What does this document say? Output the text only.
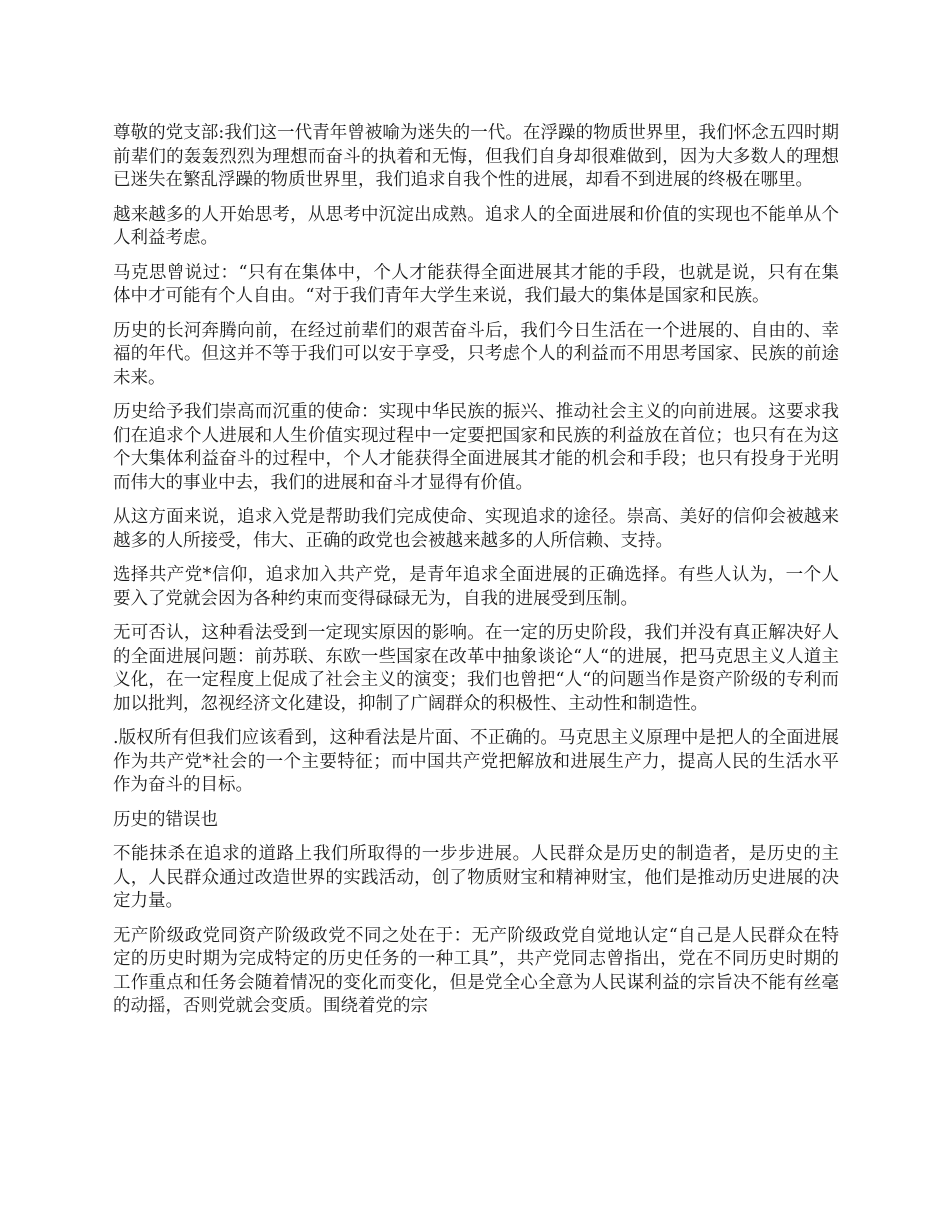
尊敬的党支部:我们这一代青年曾被喻为迷失的一代。在浮躁的物质世界里，我们怀念五四时期前辈们的轰轰烈烈为理想而奋斗的执着和无悔，但我们自身却很难做到，因为大多数人的理想已迷失在繁乱浮躁的物质世界里，我们追求自我个性的进展，却看不到进展的终极在哪里。

越来越多的人开始思考，从思考中沉淀出成熟。追求人的全面进展和价值的实现也不能单从个人利益考虑。

马克思曾说过：“只有在集体中，个人才能获得全面进展其才能的手段，也就是说，只有在集体中才可能有个人自由。“对于我们青年大学生来说，我们最大的集体是国家和民族。

历史的长河奔腾向前，在经过前辈们的艰苦奋斗后，我们今日生活在一个进展的、自由的、幸福的年代。但这并不等于我们可以安于享受，只考虑个人的利益而不用思考国家、民族的前途未来。

历史给予我们崇高而沉重的使命：实现中华民族的振兴、推动社会主义的向前进展。这要求我们在追求个人进展和人生价值实现过程中一定要把国家和民族的利益放在首位；也只有在为这个大集体利益奋斗的过程中，个人才能获得全面进展其才能的机会和手段；也只有投身于光明而伟大的事业中去，我们的进展和奋斗才显得有价值。

从这方面来说，追求入党是帮助我们完成使命、实现追求的途径。崇高、美好的信仰会被越来越多的人所接受，伟大、正确的政党也会被越来越多的人所信赖、支持。

选择共产党*信仰，追求加入共产党，是青年追求全面进展的正确选择。有些人认为，一个人要入了党就会因为各种约束而变得碌碌无为，自我的进展受到压制。

无可否认，这种看法受到一定现实原因的影响。在一定的历史阶段，我们并没有真正解决好人的全面进展问题：前苏联、东欧一些国家在改革中抽象谈论“人“的进展，把马克思主义人道主义化，在一定程度上促成了社会主义的演变；我们也曾把“人“的问题当作是资产阶级的专利而加以批判，忽视经济文化建设，抑制了广阔群众的积极性、主动性和制造性。

.版权所有但我们应该看到，这种看法是片面、不正确的。马克思主义原理中是把人的全面进展作为共产党*社会的一个主要特征；而中国共产党把解放和进展生产力，提高人民的生活水平作为奋斗的目标。

历史的错误也

不能抹杀在追求的道路上我们所取得的一步步进展。人民群众是历史的制造者，是历史的主人，人民群众通过改造世界的实践活动，创了物质财宝和精神财宝，他们是推动历史进展的决定力量。

无产阶级政党同资产阶级政党不同之处在于：无产阶级政党自觉地认定“自己是人民群众在特定的历史时期为完成特定的历史任务的一种工具”，共产党同志曾指出，党在不同历史时期的工作重点和任务会随着情况的变化而变化，但是党全心全意为人民谋利益的宗旨决不能有丝毫的动摇，否则党就会变质。围绕着党的宗
